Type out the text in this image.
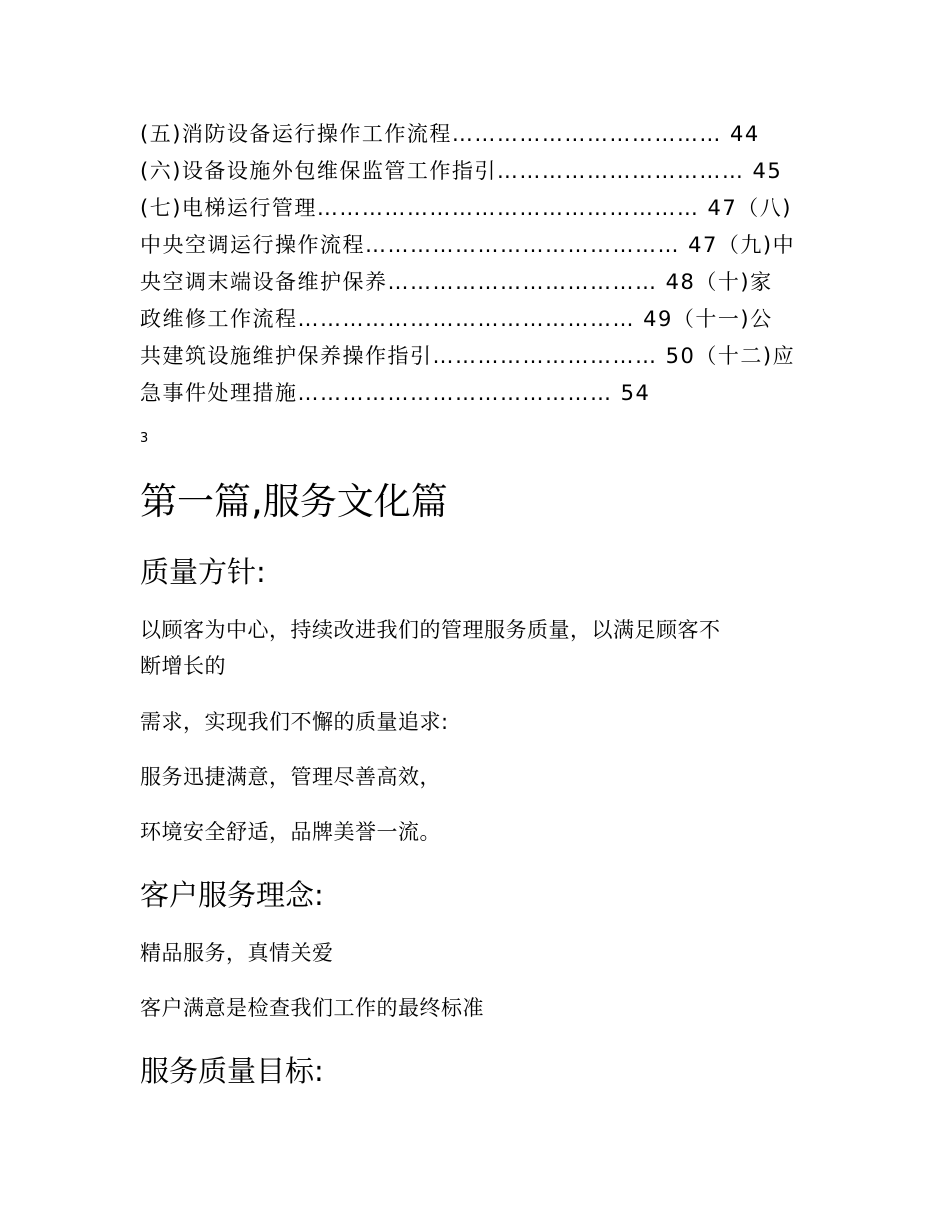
(五)消防设备运行操作工作流程……………………………… 44
(六)设备设施外包维保监管工作指引…………………………… 45
(七)电梯运行管理…………………………………………… 47（八)
中央空调运行操作流程…………………………………… 47（九)中
央空调末端设备维护保养……………………………… 48（十)家
政维修工作流程……………………………………… 49（十一)公
共建筑设施维护保养操作指引………………………… 50（十二)应
急事件处理措施…………………………………… 54
3
第一篇,服务文化篇
质量方针:
以顾客为中心，持续改进我们的管理服务质量，以满足顾客不
断增长的
需求，实现我们不懈的质量追求:
服务迅捷满意，管理尽善高效，
环境安全舒适，品牌美誉一流。
客户服务理念:
精品服务，真情关爱
客户满意是检查我们工作的最终标准
服务质量目标:
